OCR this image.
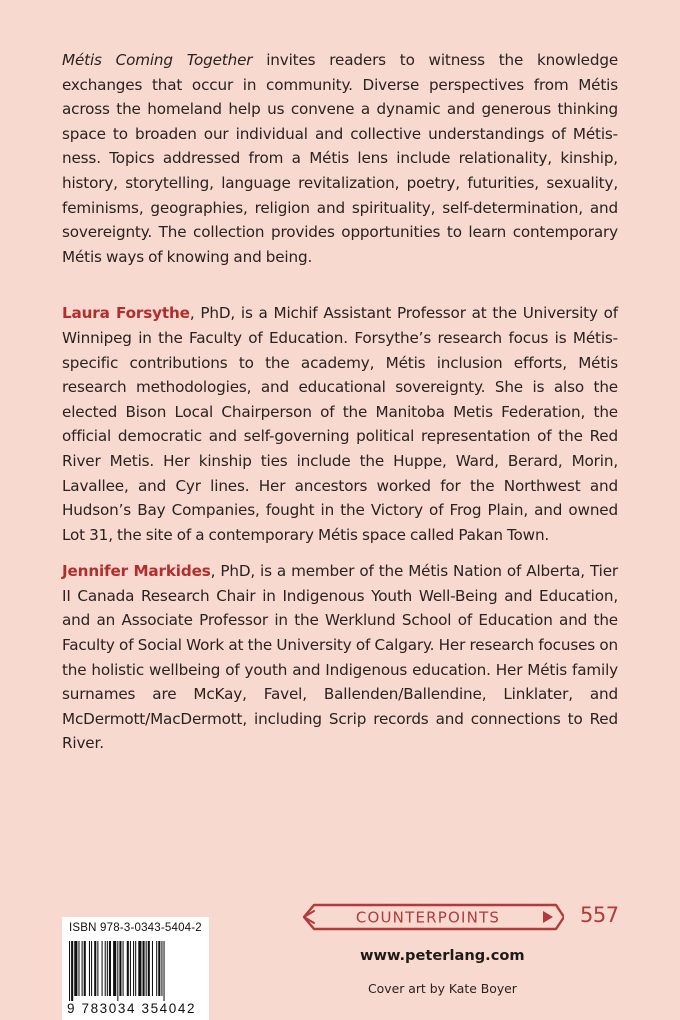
Métis Coming Together invites readers to witness the knowledge exchanges that occur in community. Diverse perspectives from Métis across the homeland help us convene a dynamic and generous thinking space to broaden our individual and collective understandings of Métis-ness. Topics addressed from a Métis lens include relationality, kinship, history, storytelling, language revitalization, poetry, futurities, sexuality, feminisms, geographies, religion and spirituality, self-determination, and sovereignty. The collection provides opportunities to learn contemporary Métis ways of knowing and being.

Laura Forsythe, PhD, is a Michif Assistant Professor at the University of Winnipeg in the Faculty of Education. Forsythe’s research focus is Métis-specific contributions to the academy, Métis inclusion efforts, Métis research methodologies, and educational sovereignty. She is also the elected Bison Local Chairperson of the Manitoba Metis Federation, the official democratic and self-governing political representation of the Red River Metis. Her kinship ties include the Huppe, Ward, Berard, Morin, Lavallee, and Cyr lines. Her ancestors worked for the Northwest and Hudson’s Bay Companies, fought in the Victory of Frog Plain, and owned Lot 31, the site of a contemporary Métis space called Pakan Town.

Jennifer Markides, PhD, is a member of the Métis Nation of Alberta, Tier II Canada Research Chair in Indigenous Youth Well-Being and Education, and an Associate Professor in the Werklund School of Education and the Faculty of Social Work at the University of Calgary. Her research focuses on the holistic wellbeing of youth and Indigenous education. Her Métis family surnames are McKay, Favel, Ballenden/Ballendine, Linklater, and McDermott/MacDermott, including Scrip records and connections to Red River.

ISBN 978-3-0343-5404-2
9 783034 354042
COUNTERPOINTS	557
www.peterlang.com
Cover art by Kate Boyer
